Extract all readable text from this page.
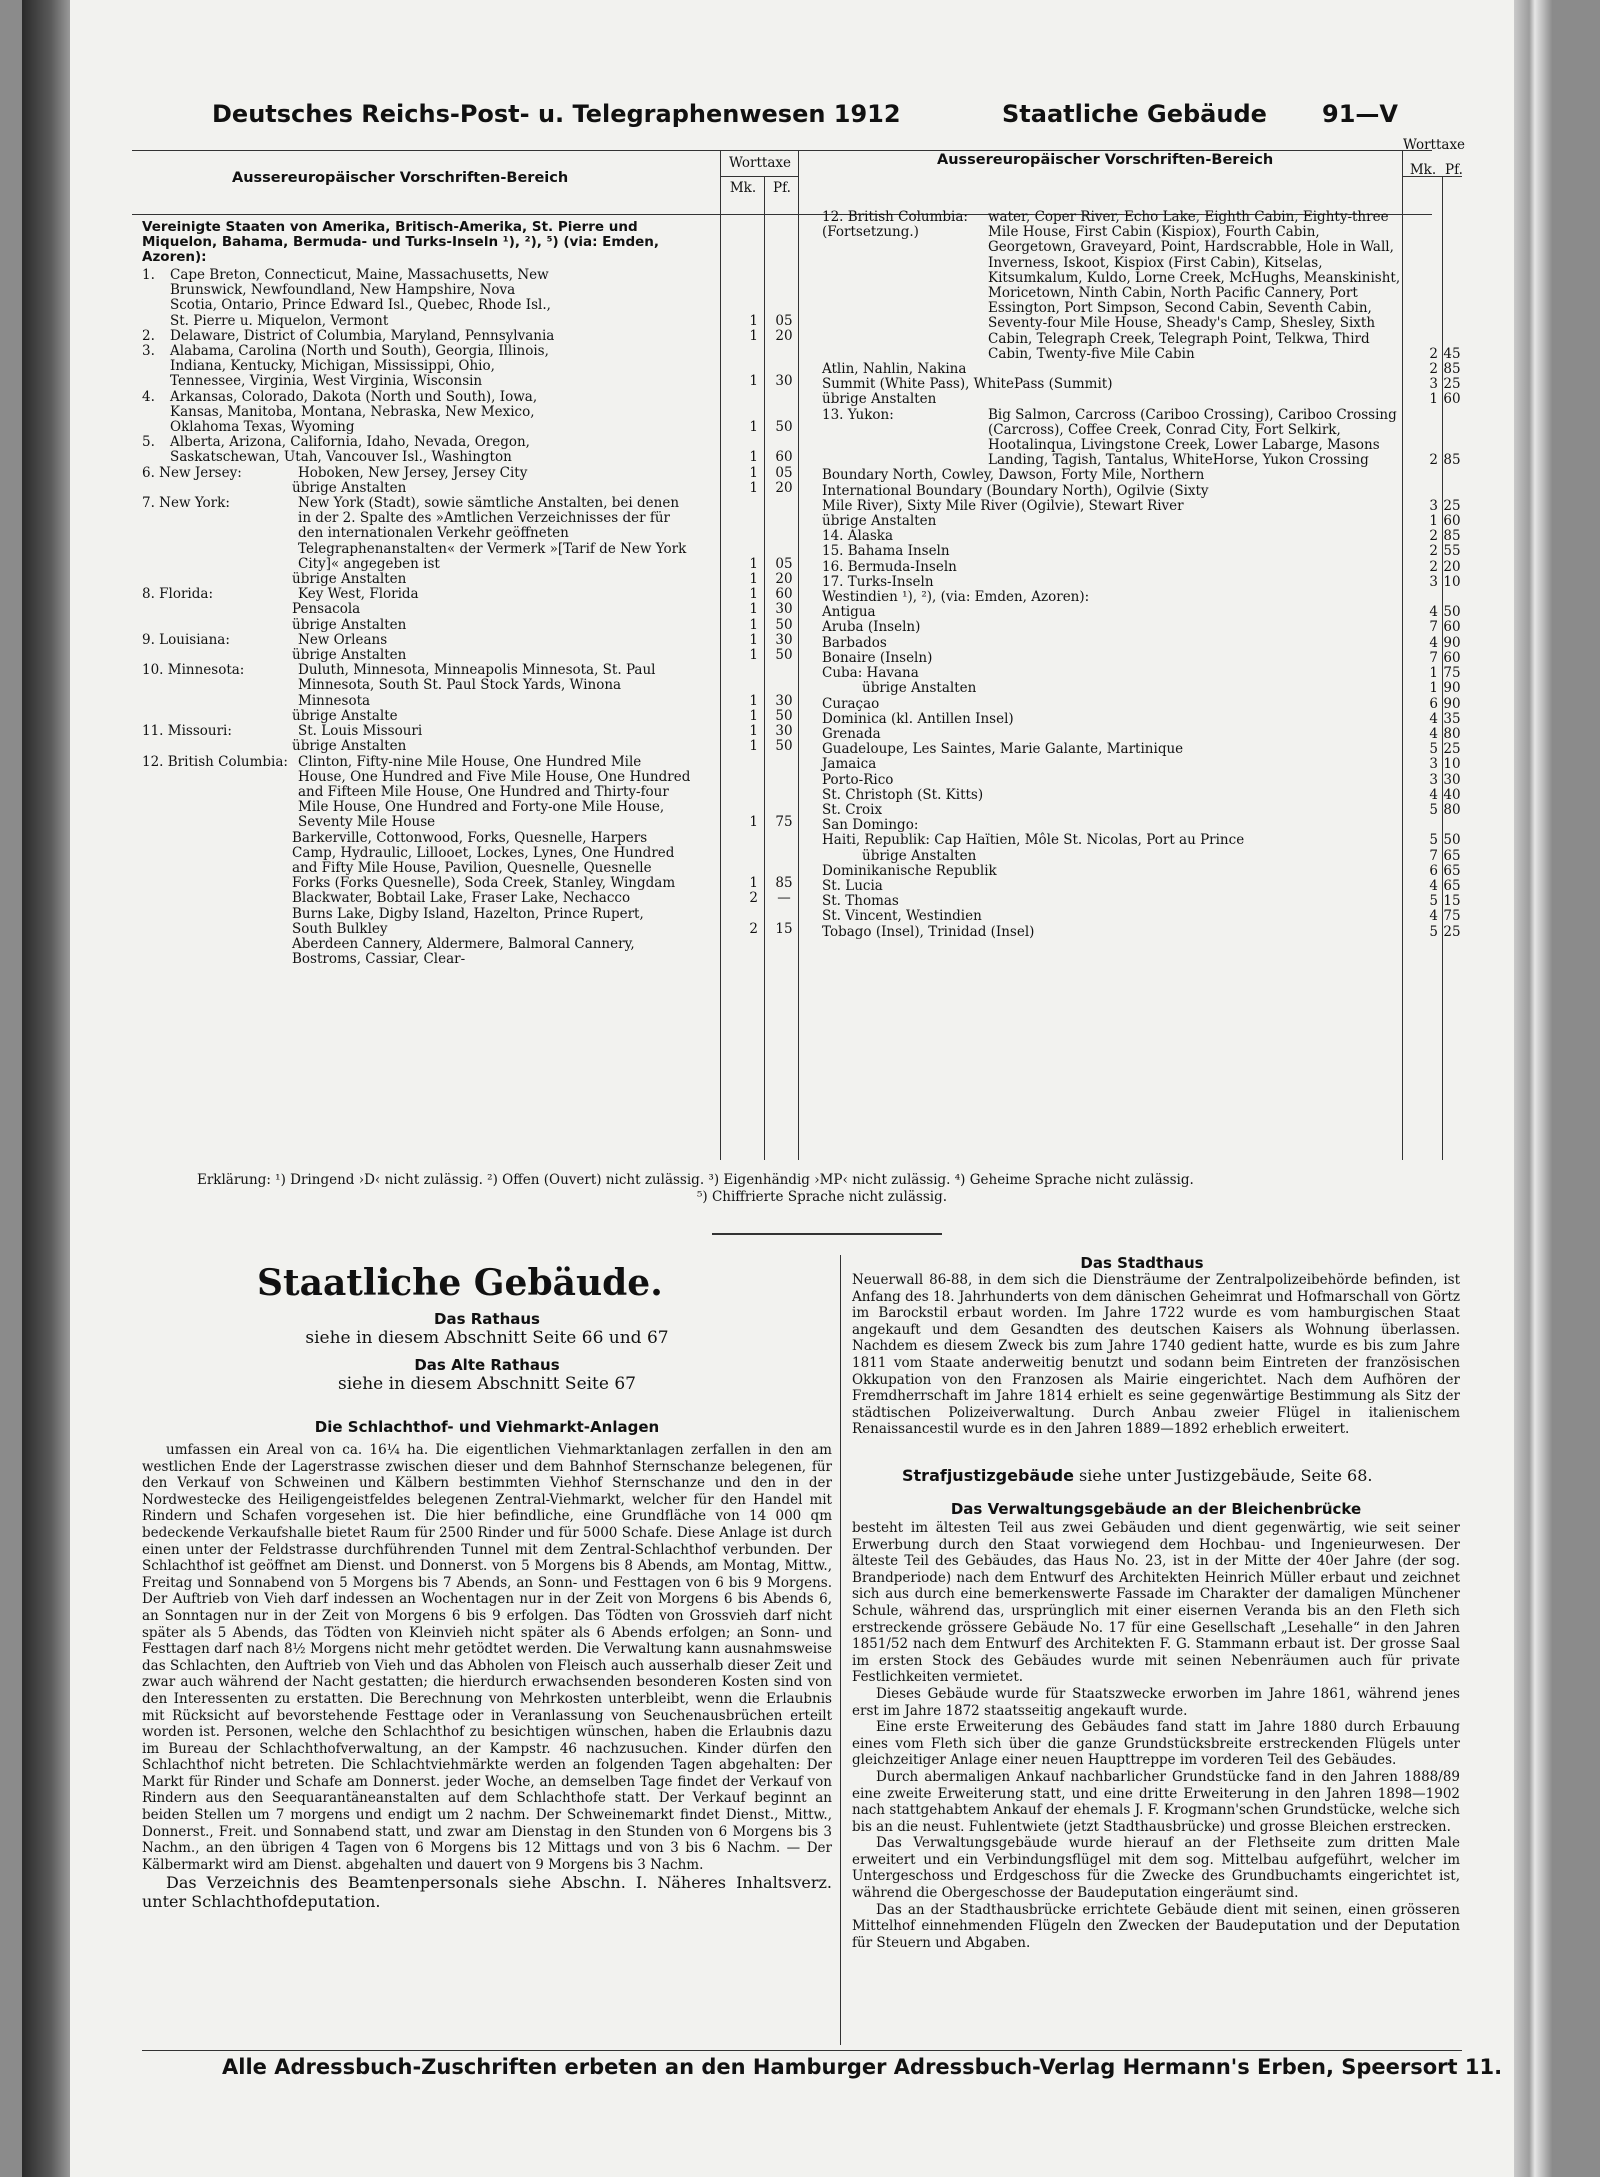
Deutsches Reichs-Post- u. Telegraphenwesen 1912	Staatliche Gebäude 91—V
Aussereuropäischer Vorschriften-Bereich
Aussereuropäischer Vorschriften-Bereich
Worttaxe
Mk.	Pf.
Worttaxe
Mk. Pf.
Vereinigte Staaten von Amerika, Britisch-Amerika, St. Pierre und Miquelon, Bahama, Bermuda- und Turks-Inseln ¹), ²), ⁵) (via: Emden, Azoren):
1.	Cape Breton, Connecticut, Maine, Massachusetts, New Brunswick, Newfoundland, New Hampshire, Nova Scotia, Ontario, Prince Edward Isl., Quebec, Rhode Isl., St. Pierre u. Miquelon, Vermont	1	05
2.	Delaware, District of Columbia, Maryland, Pennsylvania	1	20
3.	Alabama, Carolina (North und South), Georgia, Illinois, Indiana, Kentucky, Michigan, Mississippi, Ohio, Tennessee, Virginia, West Virginia, Wisconsin	1	30
4.	Arkansas, Colorado, Dakota (North und South), Iowa, Kansas, Manitoba, Montana, Nebraska, New Mexico, Oklahoma Texas, Wyoming	1	50
5.	Alberta, Arizona, California, Idaho, Nevada, Oregon, Saskatschewan, Utah, Vancouver Isl., Washington	1	60
6. New Jersey:	Hoboken, New Jersey, Jersey City	1	05
übrige Anstalten	1	20
7. New York:	New York (Stadt), sowie sämtliche Anstalten, bei denen in der 2. Spalte des »Amtlichen Verzeichnisses der für den internationalen Verkehr geöffneten Telegraphenanstalten« der Vermerk »[Tarif de New York City]« angegeben ist	1	05
übrige Anstalten	1	20
8. Florida:	Key West, Florida	1	60
Pensacola	1	30
übrige Anstalten	1	50
9. Louisiana:	New Orleans	1	30
übrige Anstalten	1	50
10. Minnesota:	Duluth, Minnesota, Minneapolis Minnesota, St. Paul Minnesota, South St. Paul Stock Yards, Winona Minnesota	1	30
übrige Anstalte	1	50
11. Missouri:	St. Louis Missouri	1	30
übrige Anstalten	1	50
12. British Columbia: Clinton, Fifty-nine Mile House, One Hundred Mile House, One Hundred and Five Mile House, One Hundred and Fifteen Mile House, One Hundred and Thirty-four Mile House, One Hundred and Forty-one Mile House, Seventy Mile House	1	75
Barkerville, Cottonwood, Forks, Quesnelle, Harpers Camp, Hydraulic, Lillooet, Lockes, Lynes, One Hundred and Fifty Mile House, Pavilion, Quesnelle, Quesnelle Forks (Forks Quesnelle), Soda Creek, Stanley, Wingdam	1	85
Blackwater, Bobtail Lake, Fraser Lake, Nechacco	2	—
Burns Lake, Digby Island, Hazelton, Prince Rupert, South Bulkley	2	15
Aberdeen Cannery, Aldermere, Balmoral Cannery, Bostroms, Cassiar, Clear-
12. British Columbia:
(Fortsetzung.)
water, Coper River, Echo Lake, Eighth Cabin, Eighty-three Mile House, First Cabin (Kispiox), Fourth Cabin, Georgetown, Graveyard, Point, Hardscrabble, Hole in Wall, Inverness, Iskoot, Kispiox (First Cabin), Kitselas, Kitsumkalum, Kuldo, Lorne Creek, McHughs, Meanskinisht, Moricetown, Ninth Cabin, North Pacific Cannery, Port Essington, Port Simpson, Second Cabin, Seventh Cabin, Seventy-four Mile House, Sheady's Camp, Shesley, Sixth Cabin, Telegraph Creek, Telegraph Point, Telkwa, Third Cabin, Twenty-five Mile Cabin	2 45
Atlin, Nahlin, Nakina	2 85
Summit (White Pass), WhitePass (Summit)	3 25
übrige Anstalten	1 60
13. Yukon:	Big Salmon, Carcross (Cariboo Crossing), Cariboo Crossing (Carcross), Coffee Creek, Conrad City, Fort Selkirk, Hootalinqua, Livingstone Creek, Lower Labarge, Masons Landing, Tagish, Tantalus, WhiteHorse, Yukon Crossing	2 85
Boundary North, Cowley, Dawson, Forty Mile, Northern International Boundary (Boundary North), Ogilvie (Sixty Mile River), Sixty Mile River (Ogilvie), Stewart River	3 25
übrige Anstalten	1 60
14. Alaska	2 85
15. Bahama Inseln	2 55
16. Bermuda-Inseln	2 20
17. Turks-Inseln	3 10
Westindien ¹), ²), (via: Emden, Azoren):
Antigua	4 50
Aruba (Inseln)	7 60
Barbados	4 90
Bonaire (Inseln)	7 60
Cuba: Havana	1 75
übrige Anstalten	1 90
Curaçao	6 90
Dominica (kl. Antillen Insel)	4 35
Grenada	4 80
Guadeloupe, Les Saintes, Marie Galante, Martinique	5 25
Jamaica	3 10
Porto-Rico	3 30
St. Christoph (St. Kitts)	4 40
St. Croix	5 80
San Domingo:
Haiti, Republik: Cap Haïtien, Môle St. Nicolas, Port au Prince	5 50
übrige Anstalten	7 65
Dominikanische Republik	6 65
St. Lucia	4 65
St. Thomas	5 15
St. Vincent, Westindien	4 75
Tobago (Insel), Trinidad (Insel)	5 25
Erklärung: ¹) Dringend ›D‹ nicht zulässig. ²) Offen (Ouvert) nicht zulässig. ³) Eigenhändig ›MP‹ nicht zulässig. ⁴) Geheime Sprache nicht zulässig.
⁵) Chiffrierte Sprache nicht zulässig.
Staatliche Gebäude.
Das Rathaus
siehe in diesem Abschnitt Seite 66 und 67
Das Alte Rathaus
siehe in diesem Abschnitt Seite 67
Die Schlachthof- und Viehmarkt-Anlagen

umfassen ein Areal von ca. 16¼ ha. Die eigentlichen Viehmarktanlagen zerfallen in den am westlichen Ende der Lagerstrasse zwischen dieser und dem Bahnhof Sternschanze belegenen, für den Verkauf von Schweinen und Kälbern bestimmten Viehhof Sternschanze und den in der Nordwestecke des Heiligengeistfeldes belegenen Zentral-Viehmarkt, welcher für den Handel mit Rindern und Schafen vorgesehen ist. Die hier befindliche, eine Grundfläche von 14 000 qm bedeckende Verkaufshalle bietet Raum für 2500 Rinder und für 5000 Schafe. Diese Anlage ist durch einen unter der Feldstrasse durchführenden Tunnel mit dem Zentral-Schlachthof verbunden. Der Schlachthof ist geöffnet am Dienst. und Donnerst. von 5 Morgens bis 8 Abends, am Montag, Mittw., Freitag und Sonnabend von 5 Morgens bis 7 Abends, an Sonn- und Festtagen von 6 bis 9 Morgens. Der Auftrieb von Vieh darf indessen an Wochentagen nur in der Zeit von Morgens 6 bis Abends 6, an Sonntagen nur in der Zeit von Morgens 6 bis 9 erfolgen. Das Tödten von Grossvieh darf nicht später als 5 Abends, das Tödten von Kleinvieh nicht später als 6 Abends erfolgen; an Sonn- und Festtagen darf nach 8½ Morgens nicht mehr getödtet werden. Die Verwaltung kann ausnahmsweise das Schlachten, den Auftrieb von Vieh und das Abholen von Fleisch auch ausserhalb dieser Zeit und zwar auch während der Nacht gestatten; die hierdurch erwachsenden besonderen Kosten sind von den Interessenten zu erstatten. Die Berechnung von Mehrkosten unterbleibt, wenn die Erlaubnis mit Rücksicht auf bevorstehende Festtage oder in Veranlassung von Seuchenausbrüchen erteilt worden ist. Personen, welche den Schlachthof zu besichtigen wünschen, haben die Erlaubnis dazu im Bureau der Schlachthofverwaltung, an der Kampstr. 46 nachzusuchen. Kinder dürfen den Schlachthof nicht betreten. Die Schlachtviehmärkte werden an folgenden Tagen abgehalten: Der Markt für Rinder und Schafe am Donnerst. jeder Woche, an demselben Tage findet der Verkauf von Rindern aus den Seequarantäneanstalten auf dem Schlachthofe statt. Der Verkauf beginnt an beiden Stellen um 7 morgens und endigt um 2 nachm. Der Schweinemarkt findet Dienst., Mittw., Donnerst., Freit. und Sonnabend statt, und zwar am Dienstag in den Stunden von 6 Morgens bis 3 Nachm., an den übrigen 4 Tagen von 6 Morgens bis 12 Mittags und von 3 bis 6 Nachm. — Der Kälbermarkt wird am Dienst. abgehalten und dauert von 9 Morgens bis 3 Nachm.

Das Verzeichnis des Beamtenpersonals siehe Abschn. I. Näheres Inhaltsverz. unter Schlachthofdeputation.

Das Stadthaus

Neuerwall 86-88, in dem sich die Diensträume der Zentralpolizeibehörde befinden, ist Anfang des 18. Jahrhunderts von dem dänischen Geheimrat und Hofmarschall von Görtz im Barockstil erbaut worden. Im Jahre 1722 wurde es vom hamburgischen Staat angekauft und dem Gesandten des deutschen Kaisers als Wohnung überlassen. Nachdem es diesem Zweck bis zum Jahre 1740 gedient hatte, wurde es bis zum Jahre 1811 vom Staate anderweitig benutzt und sodann beim Eintreten der französischen Okkupation von den Franzosen als Mairie eingerichtet. Nach dem Aufhören der Fremdherrschaft im Jahre 1814 erhielt es seine gegenwärtige Bestimmung als Sitz der städtischen Polizeiverwaltung. Durch Anbau zweier Flügel in italienischem Renaissancestil wurde es in den Jahren 1889—1892 erheblich erweitert.

Strafjustizgebäude siehe unter Justizgebäude, Seite 68.
Das Verwaltungsgebäude an der Bleichenbrücke

besteht im ältesten Teil aus zwei Gebäuden und dient gegenwärtig, wie seit seiner Erwerbung durch den Staat vorwiegend dem Hochbau- und Ingenieurwesen. Der älteste Teil des Gebäudes, das Haus No. 23, ist in der Mitte der 40er Jahre (der sog. Brandperiode) nach dem Entwurf des Architekten Heinrich Müller erbaut und zeichnet sich aus durch eine bemerkenswerte Fassade im Charakter der damaligen Münchener Schule, während das, ursprünglich mit einer eisernen Veranda bis an den Fleth sich erstreckende grössere Gebäude No. 17 für eine Gesellschaft „Lesehalle“ in den Jahren 1851/52 nach dem Entwurf des Architekten F. G. Stammann erbaut ist. Der grosse Saal im ersten Stock des Gebäudes wurde mit seinen Nebenräumen auch für private Festlichkeiten vermietet.

Dieses Gebäude wurde für Staatszwecke erworben im Jahre 1861, während jenes erst im Jahre 1872 staatsseitig angekauft wurde.

Eine erste Erweiterung des Gebäudes fand statt im Jahre 1880 durch Erbauung eines vom Fleth sich über die ganze Grundstücksbreite erstreckenden Flügels unter gleichzeitiger Anlage einer neuen Haupttreppe im vorderen Teil des Gebäudes.

Durch abermaligen Ankauf nachbarlicher Grundstücke fand in den Jahren 1888/89 eine zweite Erweiterung statt, und eine dritte Erweiterung in den Jahren 1898—1902 nach stattgehabtem Ankauf der ehemals J. F. Krogmann'schen Grundstücke, welche sich bis an die neust. Fuhlentwiete (jetzt Stadthausbrücke) und grosse Bleichen erstrecken.

Das Verwaltungsgebäude wurde hierauf an der Flethseite zum dritten Male erweitert und ein Verbindungsflügel mit dem sog. Mittelbau aufgeführt, welcher im Untergeschoss und Erdgeschoss für die Zwecke des Grundbuchamts eingerichtet ist, während die Obergeschosse der Baudeputation eingeräumt sind.

Das an der Stadthausbrücke errichtete Gebäude dient mit seinen, einen grösseren Mittelhof einnehmenden Flügeln den Zwecken der Baudeputation und der Deputation für Steuern und Abgaben.

Alle Adressbuch-Zuschriften erbeten an den Hamburger Adressbuch-Verlag Hermann's Erben, Speersort 11.
